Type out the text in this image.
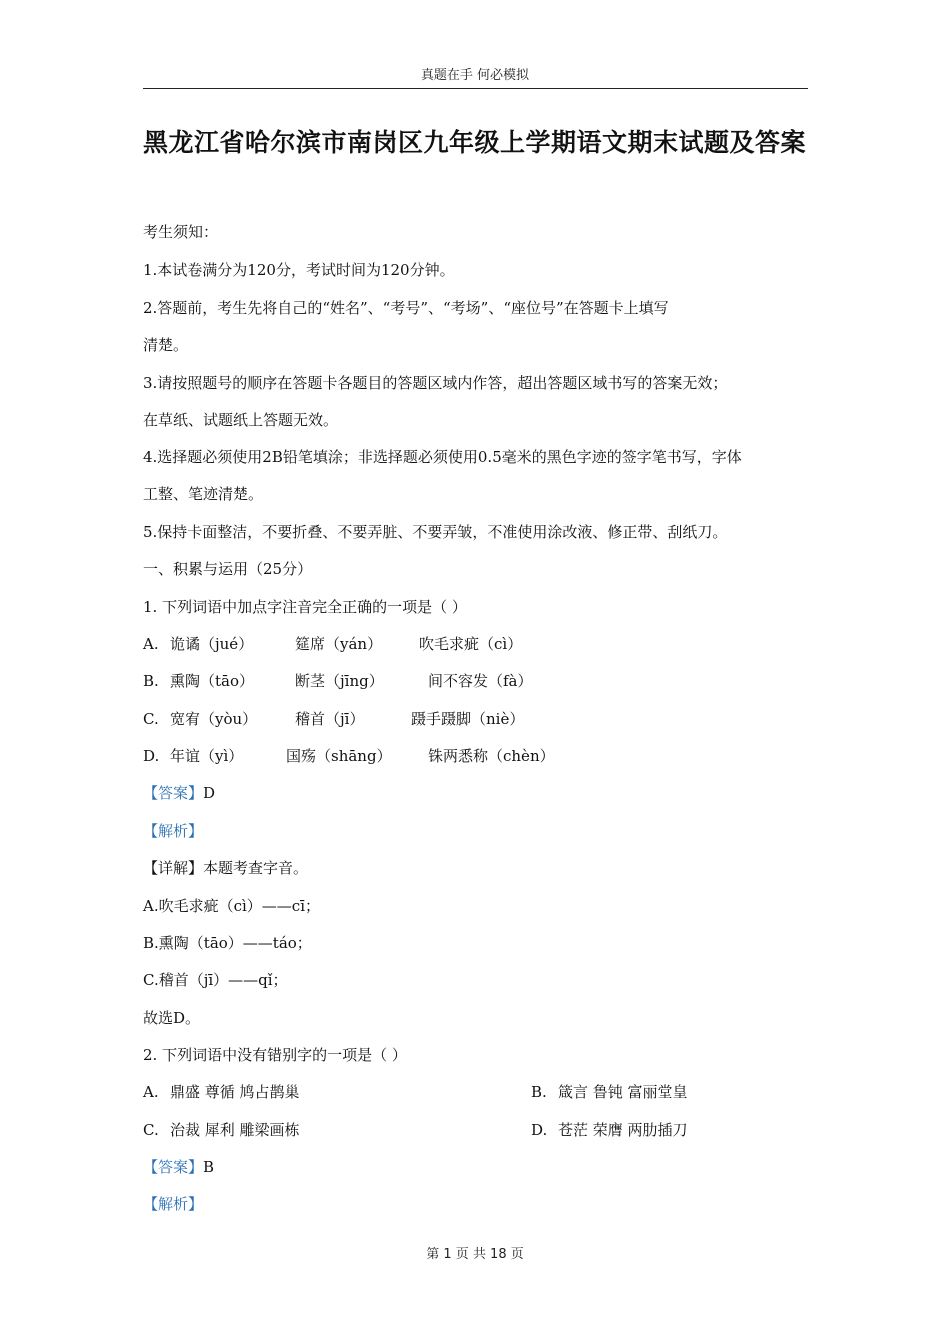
真题在手 何必模拟
黑龙江省哈尔滨市南岗区九年级上学期语文期末试题及答案
考生须知：
1.本试卷满分为120分，考试时间为120分钟。
2.答题前，考生先将自己的“姓名”、“考号”、“考场”、“座位号”在答题卡上填写
清楚。
3.请按照题号的顺序在答题卡各题目的答题区域内作答，超出答题区域书写的答案无效；
在草纸、试题纸上答题无效。
4.选择题必须使用2B铅笔填涂；非选择题必须使用0.5毫米的黑色字迹的签字笔书写，字体
工整、笔迹清楚。
5.保持卡面整洁，不要折叠、不要弄脏、不要弄皱，不准使用涂改液、修正带、刮纸刀。
一、积累与运用（25分）
1. 下列词语中加点字注音完全正确的一项是（ ）
A. 诡谲（jué）	筵席（yán） 吹毛求疵（cì）
B. 熏陶（tāo）	断茎（jīng）	间不容发（fà）
C. 宽宥（yòu）	稽首（jī）	蹑手蹑脚（niè）
D. 年谊（yì）	国殇（shāng） 铢两悉称（chèn）
【答案】D
【解析】
【详解】本题考查字音。
A.吹毛求疵（cì）——cī；
B.熏陶（tāo）——táo；
C.稽首（jī）——qǐ；
故选D。
2. 下列词语中没有错别字的一项是（ ）
A. 鼎盛 尊循 鸠占鹊巢	B. 箴言 鲁钝 富丽堂皇
C. 治裁 犀利 雕梁画栋	D. 苍茫 荣膺 两肋插刀
【答案】B
【解析】
第 1 页 共 18 页
